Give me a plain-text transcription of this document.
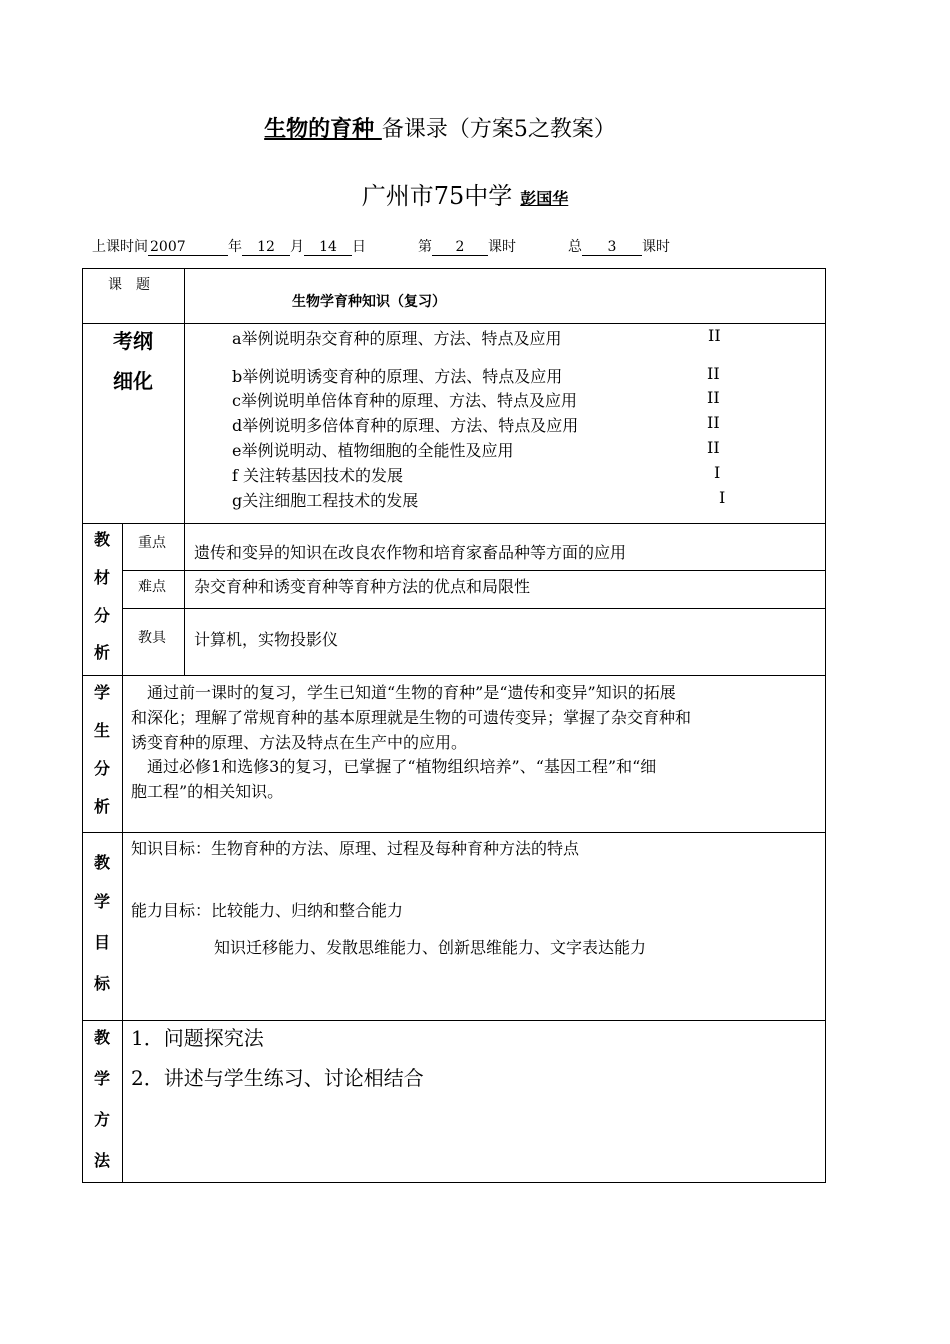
生物的育种 备课录（方案5之教案）
广州市75中学 彭国华
上课时间 2007	年 12 月 14 日	第 2 课时	总 3 课时
课　题
生物学育种知识（复习）
考纲
细化
a举例说明杂交育种的原理、方法、特点及应用	II
b举例说明诱变育种的原理、方法、特点及应用	II
c举例说明单倍体育种的原理、方法、特点及应用	II
d举例说明多倍体育种的原理、方法、特点及应用	II
e举例说明动、植物细胞的全能性及应用	II
f 关注转基因技术的发展	I
g关注细胞工程技术的发展	I
教
材
分
析
重点 遗传和变异的知识在改良农作物和培育家畜品种等方面的应用
难点 杂交育种和诱变育种等育种方法的优点和局限性
教具 计算机，实物投影仪
学
生
分
析
　通过前一课时的复习，学生已知道“生物的育种”是“遗传和变异”知识的拓展
和深化；理解了常规育种的基本原理就是生物的可遗传变异；掌握了杂交育种和
诱变育种的原理、方法及特点在生产中的应用。
　通过必修1和选修3的复习，已掌握了“植物组织培养”、“基因工程”和“细
胞工程”的相关知识。
教
学
目
标
知识目标：生物育种的方法、原理、过程及每种育种方法的特点
能力目标：比较能力、归纳和整合能力
知识迁移能力、发散思维能力、创新思维能力、文字表达能力
教
学
方
法
1．问题探究法
2．讲述与学生练习、讨论相结合
